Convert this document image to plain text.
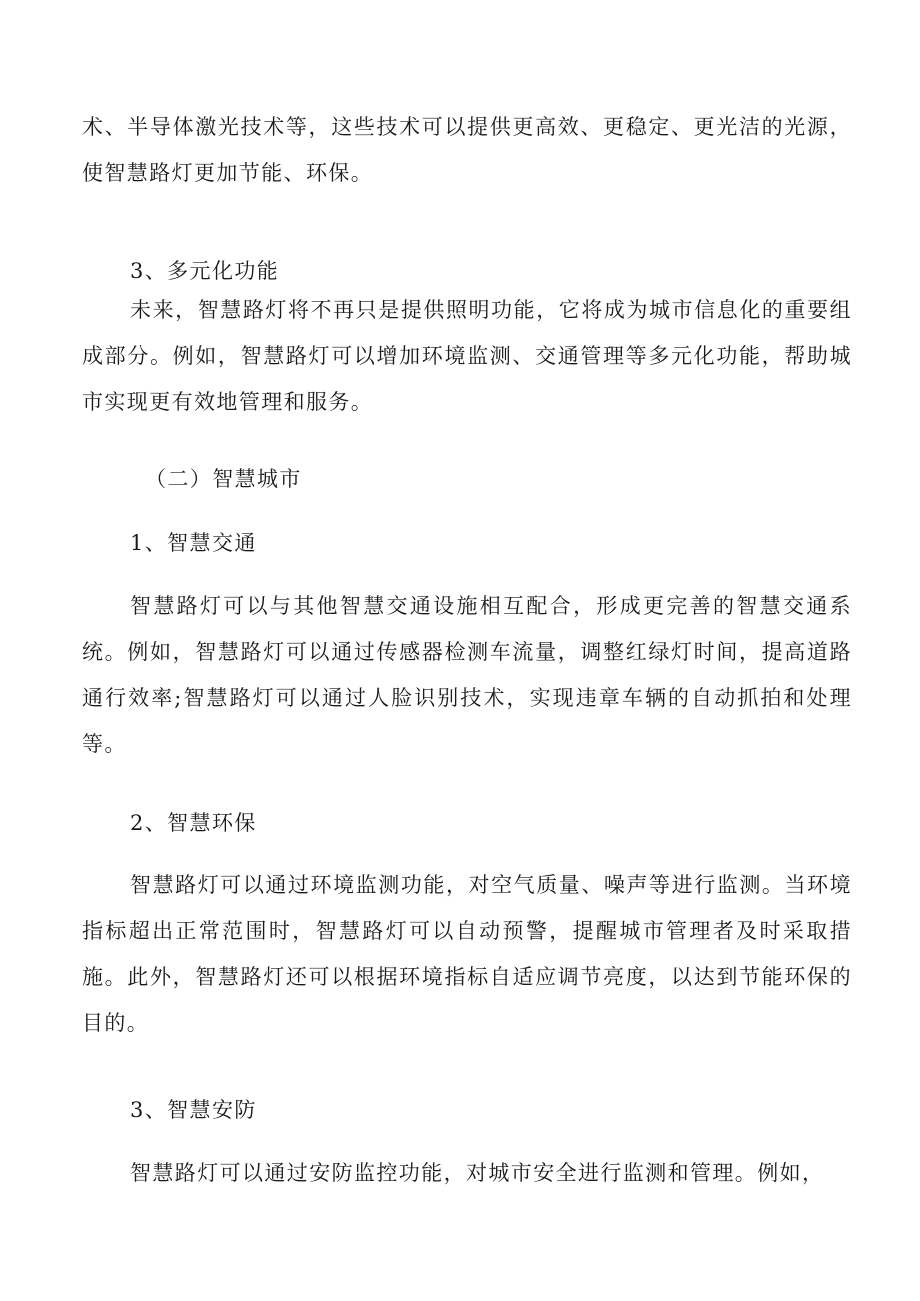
术、半导体激光技术等，这些技术可以提供更高效、更稳定、更光洁的光源，使智慧路灯更加节能、环保。

3、多元化功能

未来，智慧路灯将不再只是提供照明功能，它将成为城市信息化的重要组成部分。例如，智慧路灯可以增加环境监测、交通管理等多元化功能，帮助城市实现更有效地管理和服务。

（二）智慧城市

1、智慧交通

智慧路灯可以与其他智慧交通设施相互配合，形成更完善的智慧交通系统。例如，智慧路灯可以通过传感器检测车流量，调整红绿灯时间，提高道路通行效率;智慧路灯可以通过人脸识别技术，实现违章车辆的自动抓拍和处理等。

2、智慧环保

智慧路灯可以通过环境监测功能，对空气质量、噪声等进行监测。当环境指标超出正常范围时，智慧路灯可以自动预警，提醒城市管理者及时采取措施。此外，智慧路灯还可以根据环境指标自适应调节亮度，以达到节能环保的目的。

3、智慧安防

智慧路灯可以通过安防监控功能，对城市安全进行监测和管理。例如，
